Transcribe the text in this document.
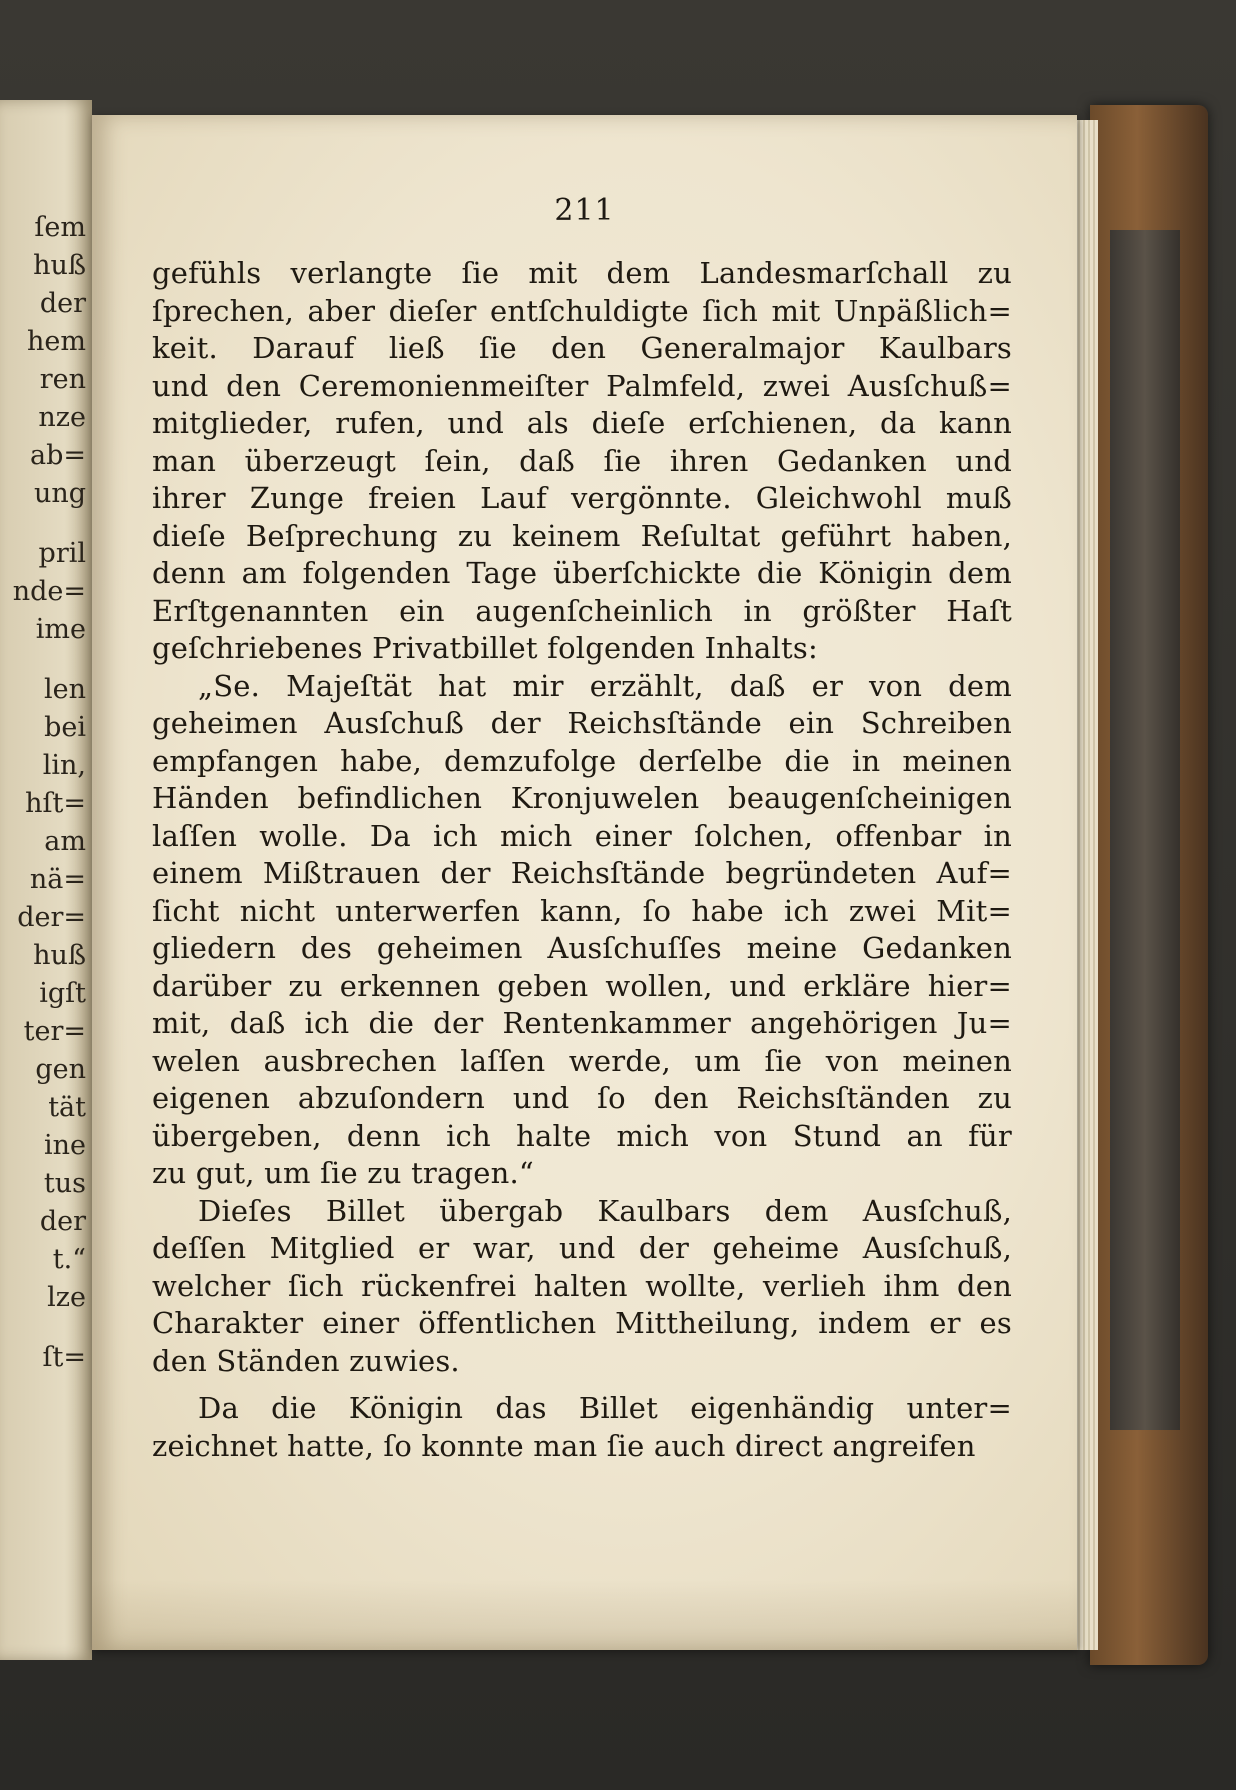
ſem
huß
der
hem
ren
nze
ab=
ung
pril
nde=
ime
len
bei
lin,
hſt=
am
nä=
der=
huß
igſt
ter=
gen
tät
ine
tus
der
t.“
lze
ſt=
211
gefühls verlangte ſie mit dem Landesmarſchall zu
ſprechen, aber dieſer entſchuldigte ſich mit Unpäßlich=
keit. Darauf ließ ſie den Generalmajor Kaulbars
und den Ceremonienmeiſter Palmfeld, zwei Ausſchuß=
mitglieder, rufen, und als dieſe erſchienen, da kann
man überzeugt ſein, daß ſie ihren Gedanken und
ihrer Zunge freien Lauf vergönnte. Gleichwohl muß
dieſe Beſprechung zu keinem Reſultat geführt haben,
denn am folgenden Tage überſchickte die Königin dem
Erſtgenannten ein augenſcheinlich in größter Haſt
geſchriebenes Privatbillet folgenden Inhalts:
„Se. Majeſtät hat mir erzählt, daß er von dem
geheimen Ausſchuß der Reichsſtände ein Schreiben
empfangen habe, demzufolge derſelbe die in meinen
Händen befindlichen Kronjuwelen beaugenſcheinigen
laſſen wolle. Da ich mich einer ſolchen, offenbar in
einem Mißtrauen der Reichsſtände begründeten Auf=
ſicht nicht unterwerfen kann, ſo habe ich zwei Mit=
gliedern des geheimen Ausſchuſſes meine Gedanken
darüber zu erkennen geben wollen, und erkläre hier=
mit, daß ich die der Rentenkammer angehörigen Ju=
welen ausbrechen laſſen werde, um ſie von meinen
eigenen abzuſondern und ſo den Reichsſtänden zu
übergeben, denn ich halte mich von Stund an für
zu gut, um ſie zu tragen.“
Dieſes Billet übergab Kaulbars dem Ausſchuß,
deſſen Mitglied er war, und der geheime Ausſchuß,
welcher ſich rückenfrei halten wollte, verlieh ihm den
Charakter einer öffentlichen Mittheilung, indem er es
den Ständen zuwies.
Da die Königin das Billet eigenhändig unter=
zeichnet hatte, ſo konnte man ſie auch direct angreifen
